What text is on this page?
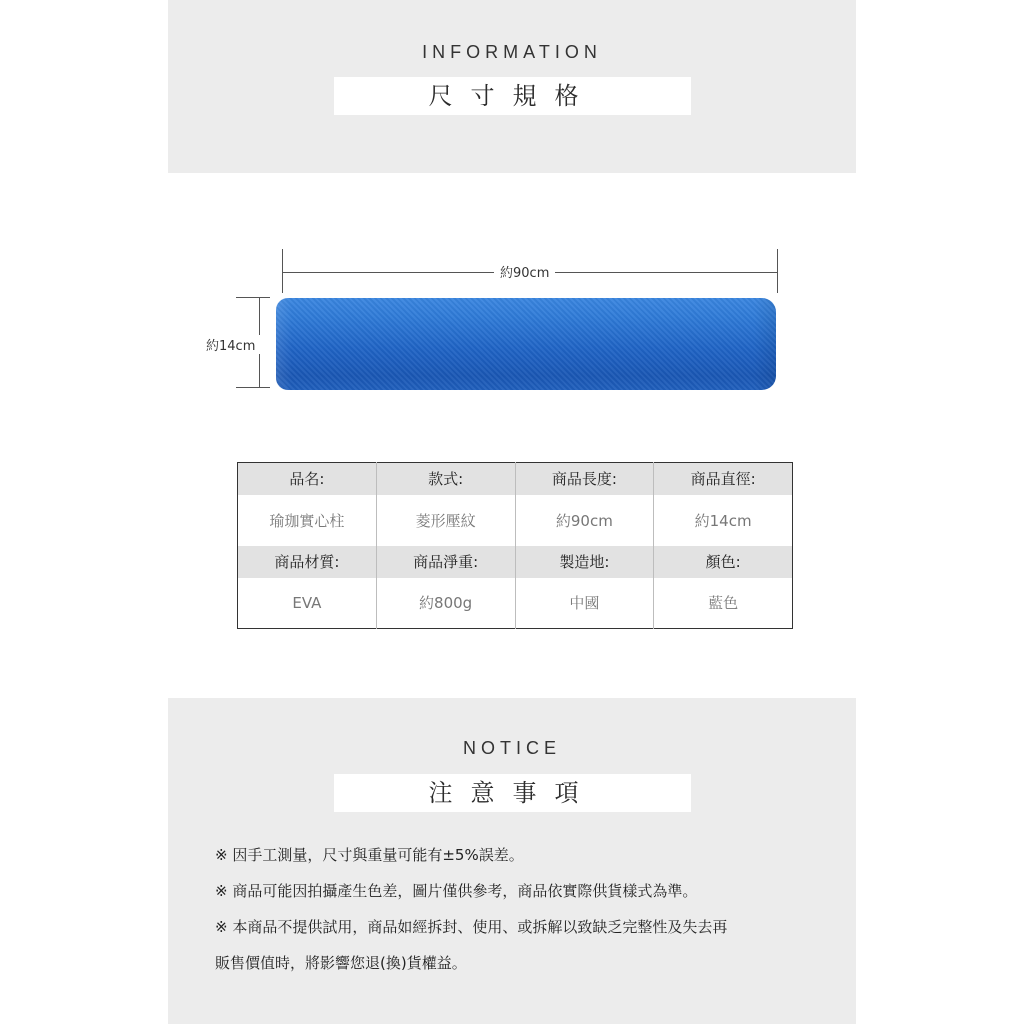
INFORMATION
尺寸規格
約90cm
約14cm
品名:	款式:	商品長度:	商品直徑:
瑜珈實心柱	菱形壓紋	約90cm	約14cm
商品材質:	商品淨重:	製造地:	顏色:
EVA	約800g	中國	藍色
NOTICE
注意事項
※ 因手工測量，尺寸與重量可能有±5%誤差。
※ 商品可能因拍攝產生色差，圖片僅供參考，商品依實際供貨樣式為準。
※ 本商品不提供試用，商品如經拆封、使用、或拆解以致缺乏完整性及失去再
販售價值時，將影響您退(換)貨權益。
